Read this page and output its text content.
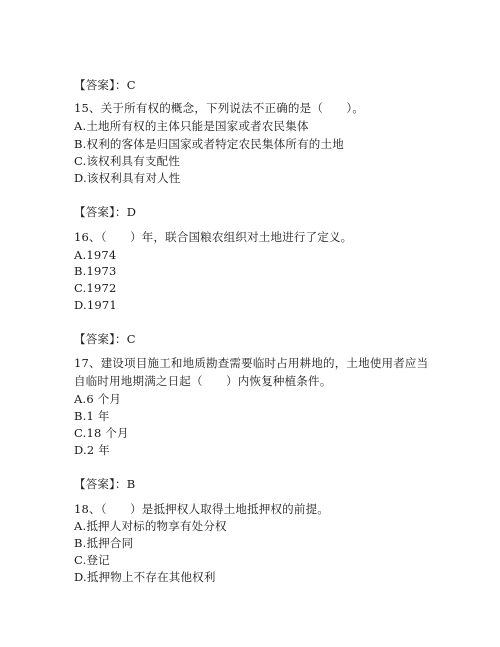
【答案】：C
15、关于所有权的概念，下列说法不正确的是（　　）。
A.土地所有权的主体只能是国家或者农民集体
B.权利的客体是归国家或者特定农民集体所有的土地
C.该权利具有支配性
D.该权利具有对人性
【答案】：D
16、（　　）年，联合国粮农组织对土地进行了定义。
A.1974
B.1973
C.1972
D.1971
【答案】：C
17、建设项目施工和地质勘查需要临时占用耕地的，土地使用者应当
自临时用地期满之日起（　　）内恢复种植条件。
A.6 个月
B.1 年
C.18 个月
D.2 年
【答案】：B
18、（　　）是抵押权人取得土地抵押权的前提。
A.抵押人对标的物享有处分权
B.抵押合同
C.登记
D.抵押物上不存在其他权利
